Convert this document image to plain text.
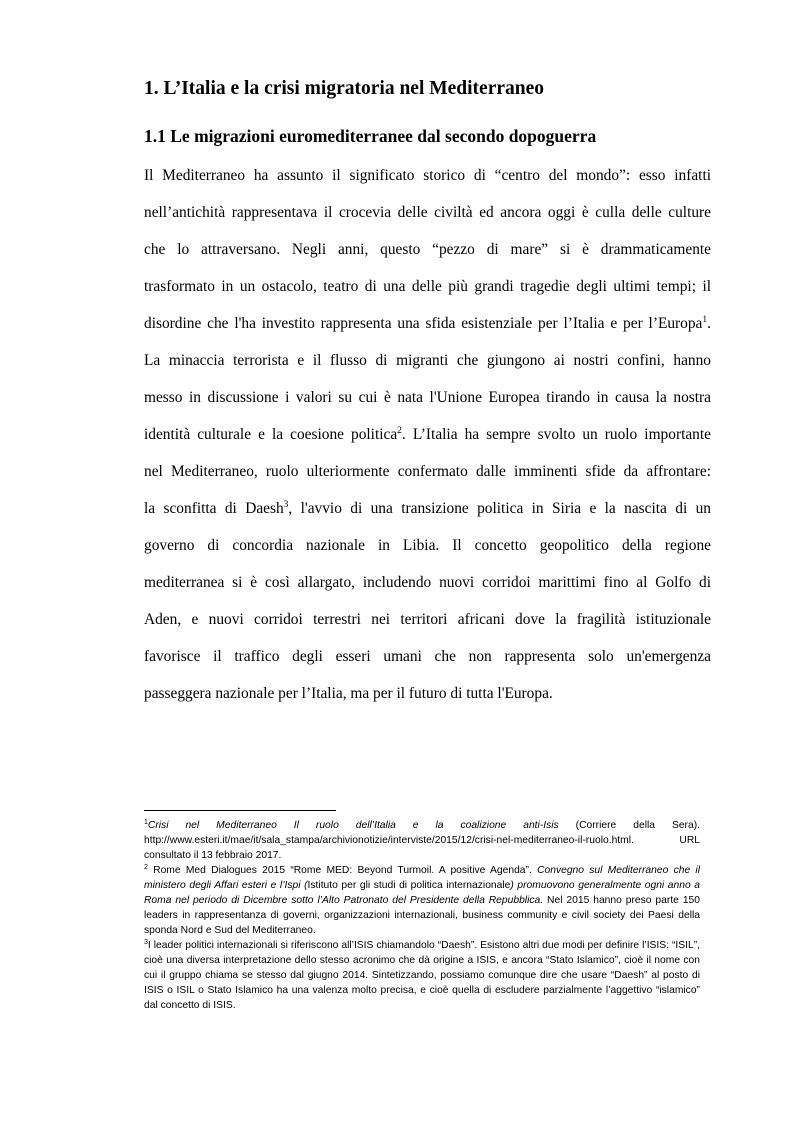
1. L’Italia e la crisi migratoria nel Mediterraneo
1.1 Le migrazioni euromediterranee dal secondo dopoguerra
Il Mediterraneo ha assunto il significato storico di “centro del mondo”: esso infatti
nell’antichità rappresentava il crocevia delle civiltà ed ancora oggi è culla delle culture
che lo attraversano. Negli anni, questo “pezzo di mare” si è drammaticamente
trasformato in un ostacolo, teatro di una delle più grandi tragedie degli ultimi tempi; il
disordine che l'ha investito rappresenta una sfida esistenziale per l’Italia e per l’Europa$^1$.
La minaccia terrorista e il flusso di migranti che giungono ai nostri confini, hanno
messo in discussione i valori su cui è nata l'Unione Europea tirando in causa la nostra
identità culturale e la coesione politica$^2$. L’Italia ha sempre svolto un ruolo importante
nel Mediterraneo, ruolo ulteriormente confermato dalle imminenti sfide da affrontare:
la sconfitta di Daesh$^3$, l'avvio di una transizione politica in Siria e la nascita di un
governo di concordia nazionale in Libia. Il concetto geopolitico della regione
mediterranea si è così allargato, includendo nuovi corridoi marittimi fino al Golfo di
Aden, e nuovi corridoi terrestri nei territori africani dove la fragilità istituzionale
favorisce il traffico degli esseri umani che non rappresenta solo un'emergenza
passeggera nazionale per l’Italia, ma per il futuro di tutta l'Europa.
$^1$Crisi nel Mediterraneo Il ruolo dell’Italia e la coalizione anti-Isis (Corriere della Sera). http://www.esteri.it/mae/it/sala_stampa/archivionotizie/interviste/2015/12/crisi-nel-mediterraneo-il-ruolo.html. URL consultato il 13 febbraio 2017.
$^2$ Rome Med Dialogues 2015 “Rome MED: Beyond Turmoil. A positive Agenda”. Convegno sul Mediterraneo che il ministero degli Affari esteri e l’Ispi (Istituto per gli studi di politica internazionale) promuovono generalmente ogni anno a Roma nel periodo di Dicembre sotto l’Alto Patronato del Presidente della Repubblica. Nel 2015 hanno preso parte 150 leaders in rappresentanza di governi, organizzazioni internazionali, business community e civil society dei Paesi della sponda Nord e Sud del Mediterraneo.
$^3$I leader politici internazionali si riferiscono all’ISIS chiamandolo “Daesh”. Esistono altri due modi per definire l’ISIS: “ISIL”, cioè una diversa interpretazione dello stesso acronimo che dà origine a ISIS, e ancora “Stato Islamico”, cioè il nome con cui il gruppo chiama se stesso dal giugno 2014. Sintetizzando, possiamo comunque dire che usare “Daesh” al posto di ISIS o ISIL o Stato Islamico ha una valenza molto precisa, e cioè quella di escludere parzialmente l’aggettivo “islamico” dal concetto di ISIS.
